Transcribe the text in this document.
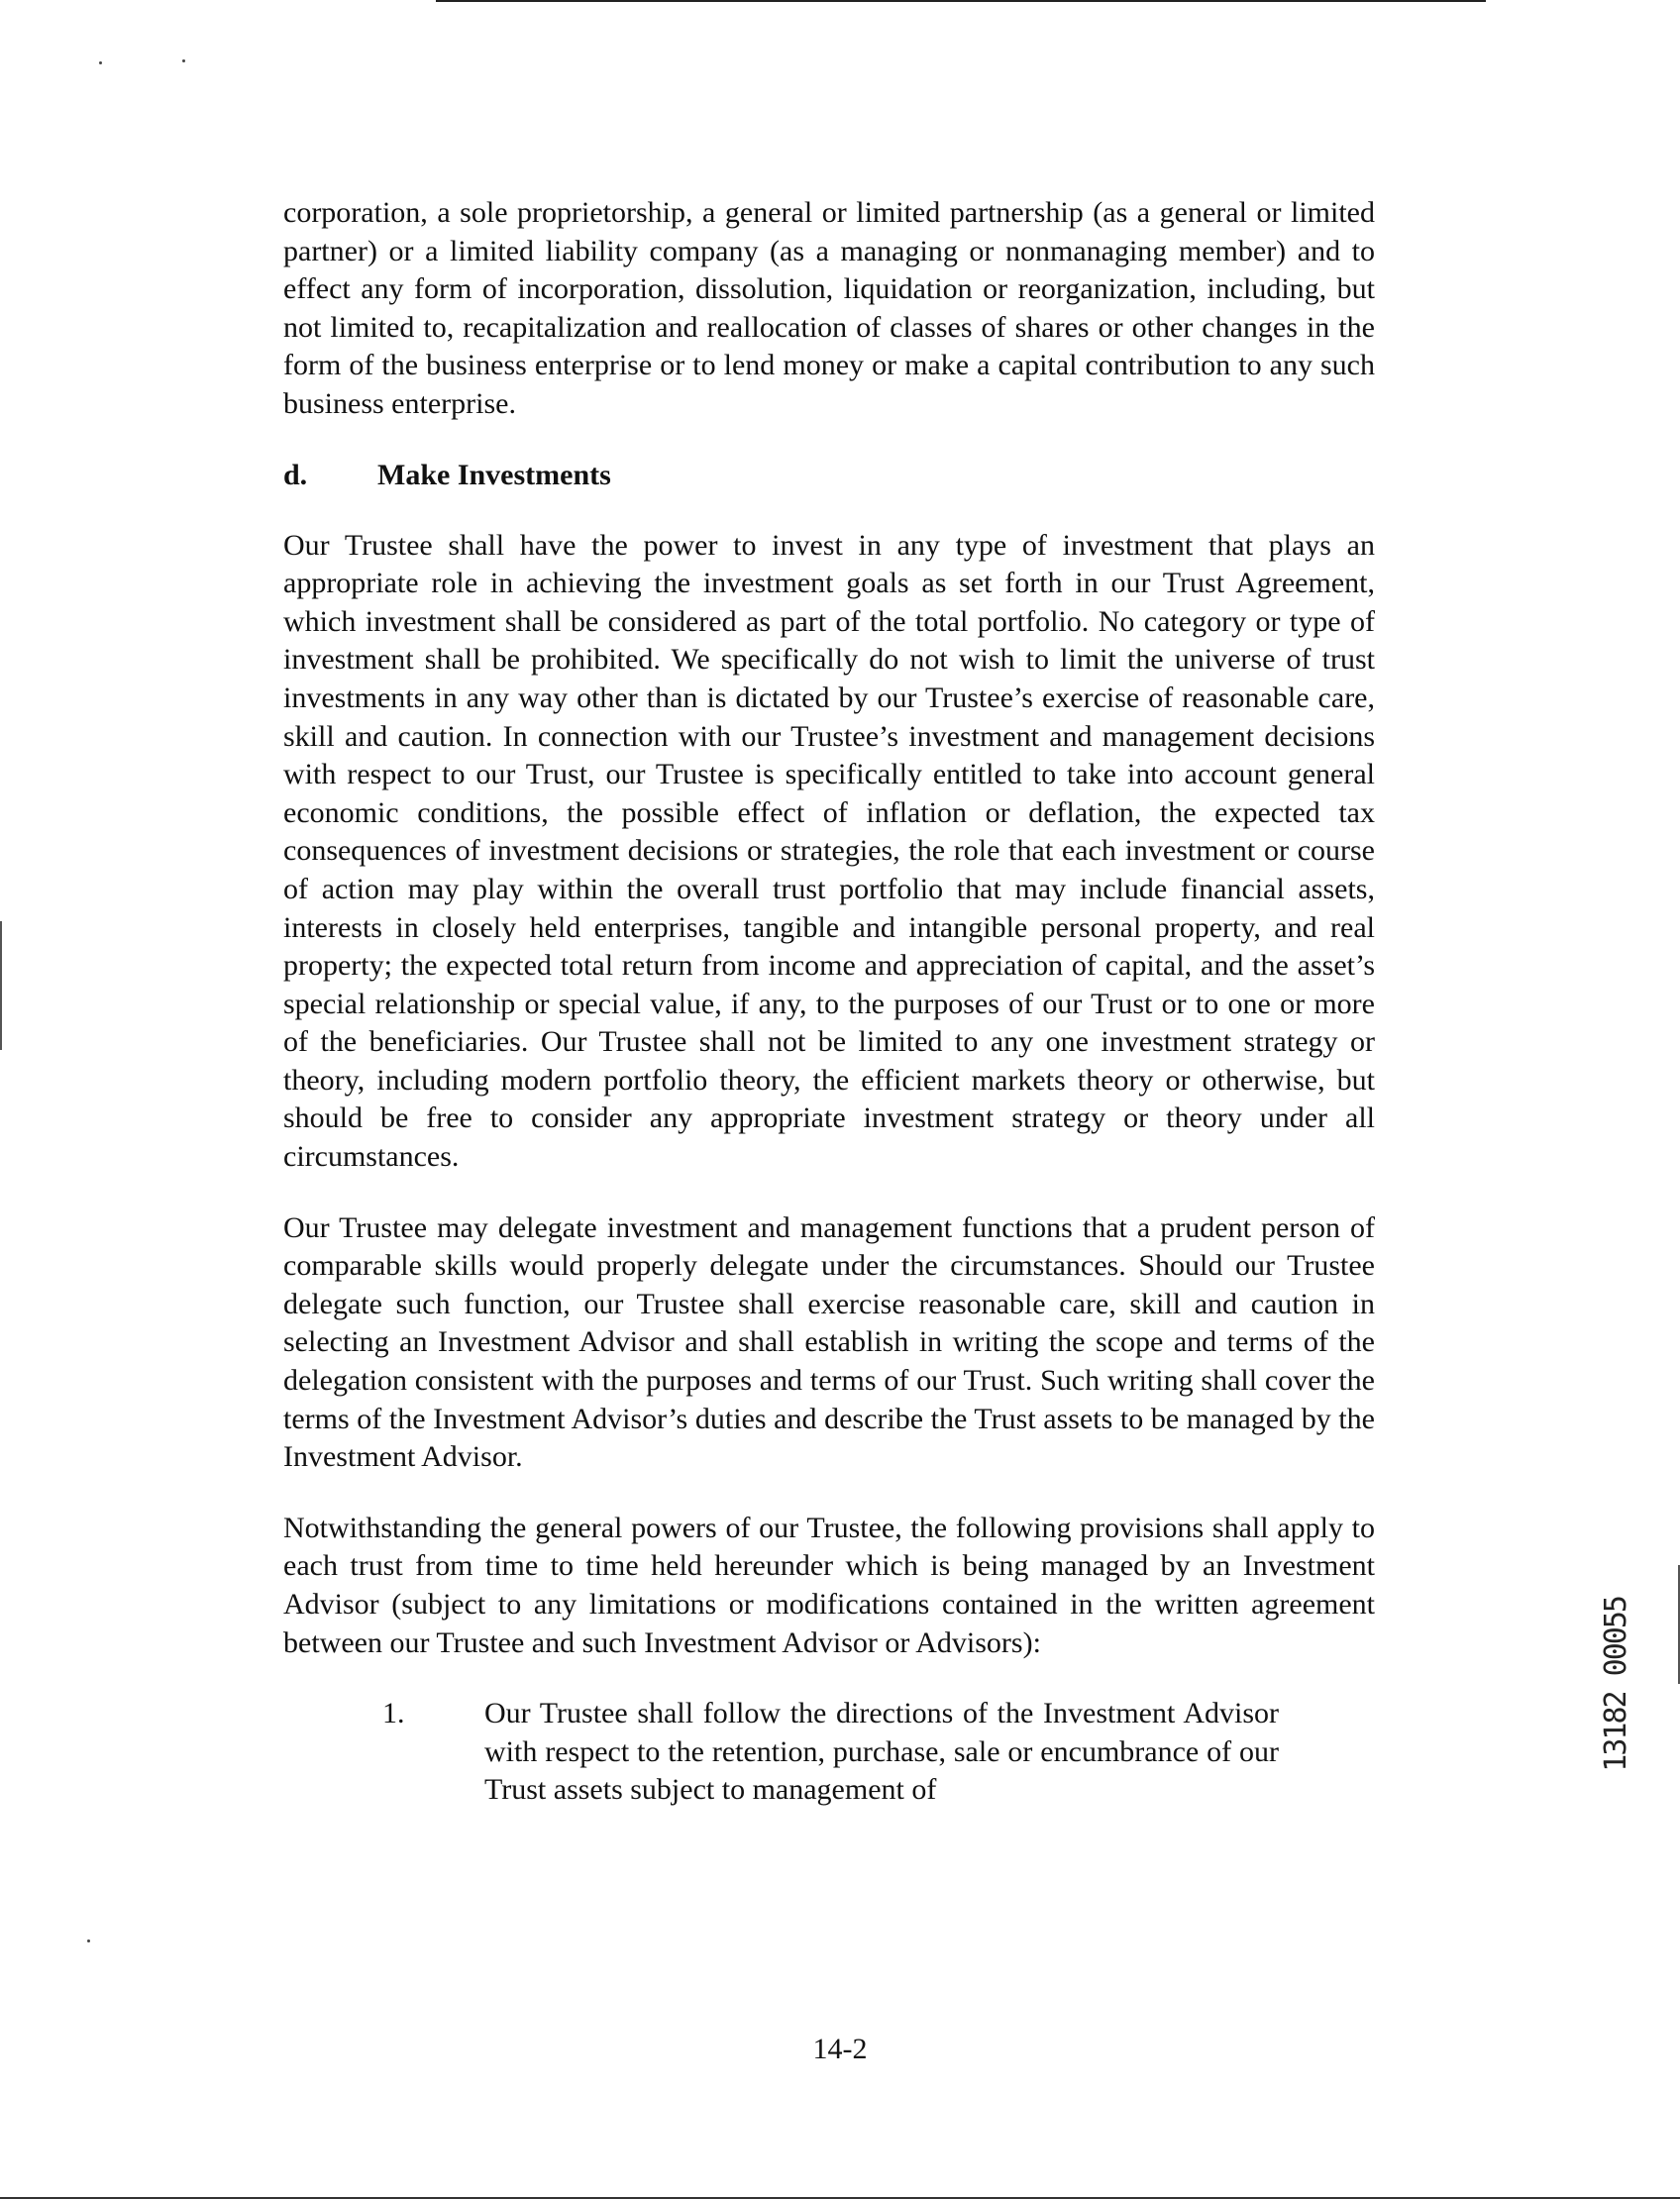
corporation, a sole proprietorship, a general or limited partnership (as a general or limited partner) or a limited liability company (as a managing or nonmanaging member) and to effect any form of incorporation, dissolution, liquidation or reorganization, including, but not limited to, recapitalization and reallocation of classes of shares or other changes in the form of the business enterprise or to lend money or make a capital contribution to any such business enterprise.

d.	Make Investments

Our Trustee shall have the power to invest in any type of investment that plays an appropriate role in achieving the investment goals as set forth in our Trust Agreement, which investment shall be considered as part of the total portfolio. No category or type of investment shall be prohibited. We specifically do not wish to limit the universe of trust investments in any way other than is dictated by our Trustee’s exercise of reasonable care, skill and caution. In connection with our Trustee’s investment and management decisions with respect to our Trust, our Trustee is specifically entitled to take into account general economic conditions, the possible effect of inflation or deflation, the expected tax consequences of investment decisions or strategies, the role that each investment or course of action may play within the overall trust portfolio that may include financial assets, interests in closely held enterprises, tangible and intangible personal property, and real property; the expected total return from income and appreciation of capital, and the asset’s special relationship or special value, if any, to the purposes of our Trust or to one or more of the beneficiaries. Our Trustee shall not be limited to any one investment strategy or theory, including modern portfolio theory, the efficient markets theory or otherwise, but should be free to consider any appropriate investment strategy or theory under all circumstances.

Our Trustee may delegate investment and management functions that a prudent person of comparable skills would properly delegate under the circumstances. Should our Trustee delegate such function, our Trustee shall exercise reasonable care, skill and caution in selecting an Investment Advisor and shall establish in writing the scope and terms of the delegation consistent with the purposes and terms of our Trust. Such writing shall cover the terms of the Investment Advisor’s duties and describe the Trust assets to be managed by the Investment Advisor.

Notwithstanding the general powers of our Trustee, the following provisions shall apply to each trust from time to time held hereunder which is being managed by an Investment Advisor (subject to any limitations or modifications contained in the written agreement between our Trustee and such Investment Advisor or Advisors):

1.	Our Trustee shall follow the directions of the Investment Advisor with respect to the retention, purchase, sale or encumbrance of our Trust assets subject to management of
14-2
13182 00055
